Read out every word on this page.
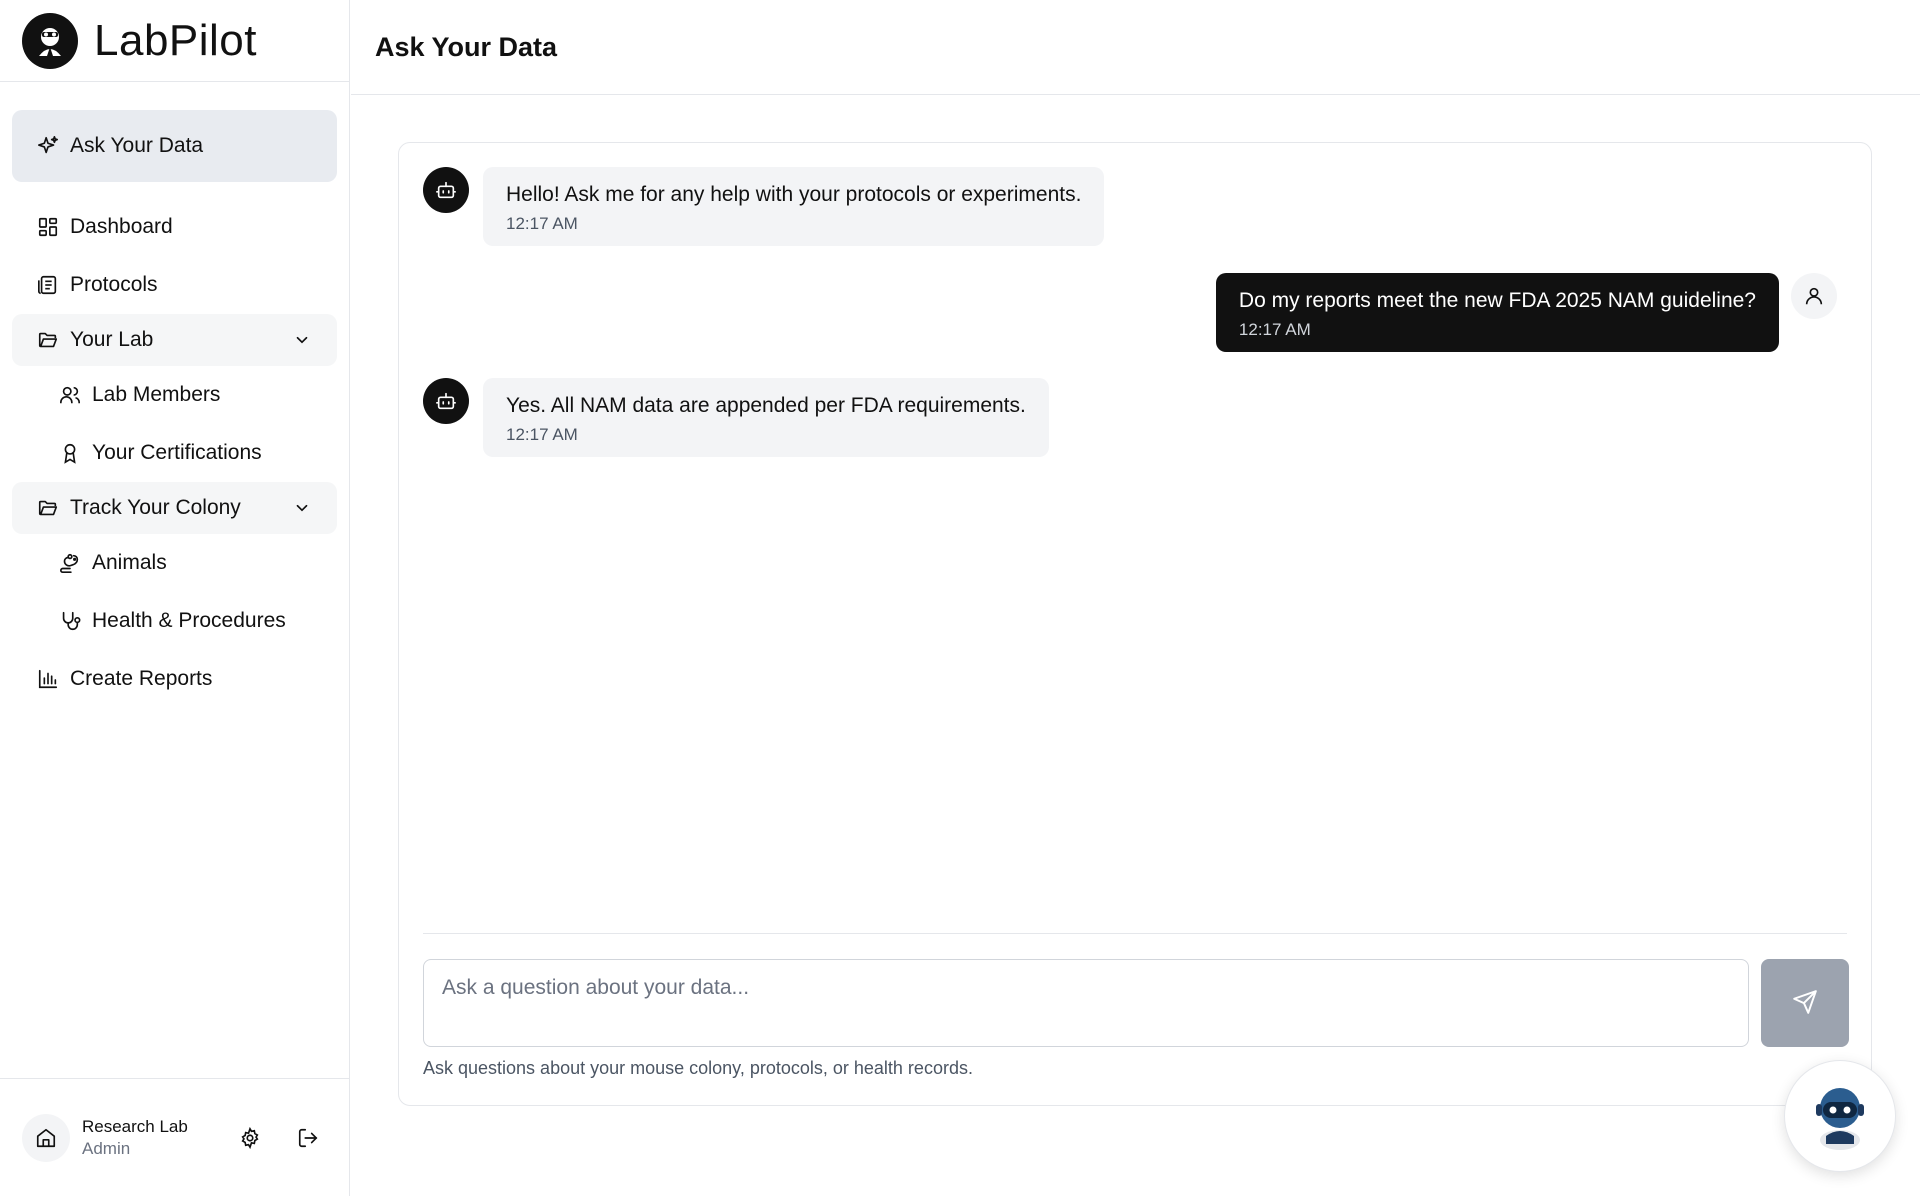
LabPilot
Ask Your Data
Dashboard
Protocols
Your Lab
Lab Members
Your Certifications
Track Your Colony
Animals
Health & Procedures
Create Reports
Research Lab
Admin
Ask Your Data
Hello! Ask me for any help with your protocols or experiments.
12:17 AM
Do my reports meet the new FDA 2025 NAM guideline?
12:17 AM
Yes. All NAM data are appended per FDA requirements.
12:17 AM
Ask a question about your data...
Ask questions about your mouse colony, protocols, or health records.
